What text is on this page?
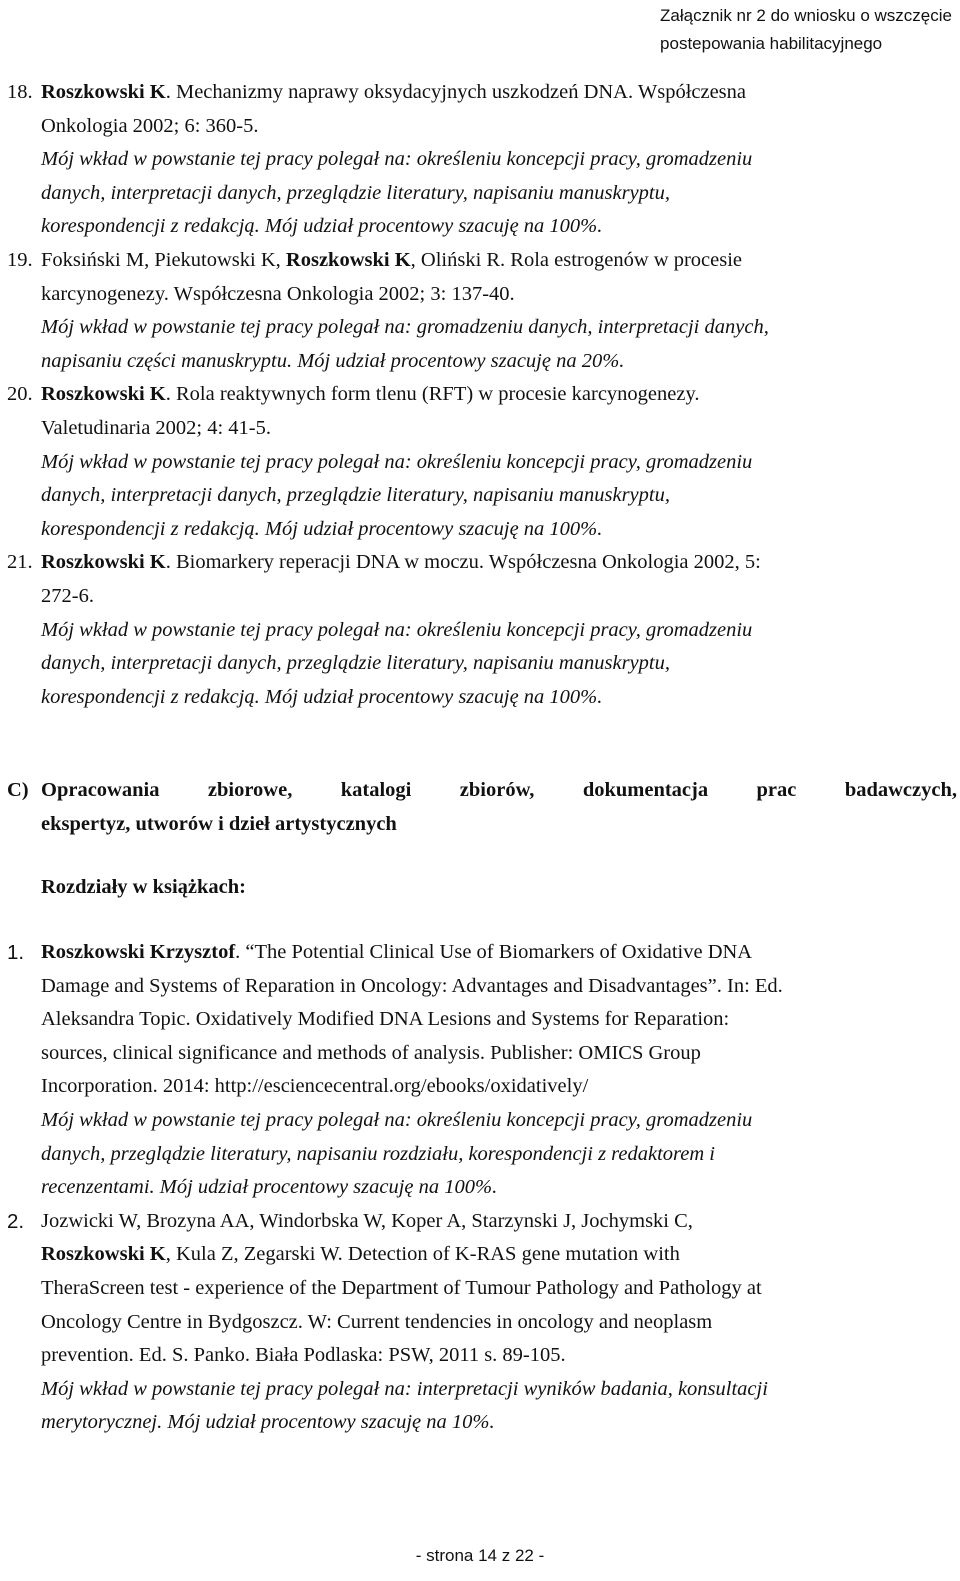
Załącznik nr 2 do wniosku o wszczęcie
postepowania habilitacyjnego
18. Roszkowski K. Mechanizmy naprawy oksydacyjnych uszkodzeń DNA. Współczesna
Onkologia 2002; 6: 360-5.
Mój wkład w powstanie tej pracy polegał na: określeniu koncepcji pracy, gromadzeniu
danych, interpretacji danych, przeglądzie literatury, napisaniu manuskryptu,
korespondencji z redakcją. Mój udział procentowy szacuję na 100%.
19. Foksiński M, Piekutowski K, Roszkowski K, Oliński R. Rola estrogenów w procesie
karcynogenezy. Współczesna Onkologia 2002; 3: 137-40.
Mój wkład w powstanie tej pracy polegał na: gromadzeniu danych, interpretacji danych,
napisaniu części manuskryptu. Mój udział procentowy szacuję na 20%.
20. Roszkowski K. Rola reaktywnych form tlenu (RFT) w procesie karcynogenezy.
Valetudinaria 2002; 4: 41-5.
Mój wkład w powstanie tej pracy polegał na: określeniu koncepcji pracy, gromadzeniu
danych, interpretacji danych, przeglądzie literatury, napisaniu manuskryptu,
korespondencji z redakcją. Mój udział procentowy szacuję na 100%.
21. Roszkowski K. Biomarkery reperacji DNA w moczu. Współczesna Onkologia 2002, 5:
272-6.
Mój wkład w powstanie tej pracy polegał na: określeniu koncepcji pracy, gromadzeniu
danych, interpretacji danych, przeglądzie literatury, napisaniu manuskryptu,
korespondencji z redakcją. Mój udział procentowy szacuję na 100%.
C) Opracowania zbiorowe, katalogi zbiorów, dokumentacja prac badawczych,
ekspertyz, utworów i dzieł artystycznych
Rozdziały w książkach:
1. Roszkowski Krzysztof. “The Potential Clinical Use of Biomarkers of Oxidative DNA
Damage and Systems of Reparation in Oncology: Advantages and Disadvantages”. In: Ed.
Aleksandra Topic. Oxidatively Modified DNA Lesions and Systems for Reparation:
sources, clinical significance and methods of analysis. Publisher: OMICS Group
Incorporation. 2014: http://esciencecentral.org/ebooks/oxidatively/
Mój wkład w powstanie tej pracy polegał na: określeniu koncepcji pracy, gromadzeniu
danych, przeglądzie literatury, napisaniu rozdziału, korespondencji z redaktorem i
recenzentami. Mój udział procentowy szacuję na 100%.
2. Jozwicki W, Brozyna AA, Windorbska W, Koper A, Starzynski J, Jochymski C,
Roszkowski K, Kula Z, Zegarski W. Detection of K-RAS gene mutation with
TheraScreen test - experience of the Department of Tumour Pathology and Pathology at
Oncology Centre in Bydgoszcz. W: Current tendencies in oncology and neoplasm
prevention. Ed. S. Panko. Biała Podlaska: PSW, 2011 s. 89-105.
Mój wkład w powstanie tej pracy polegał na: interpretacji wyników badania, konsultacji
merytorycznej. Mój udział procentowy szacuję na 10%.
- strona 14 z 22 -
